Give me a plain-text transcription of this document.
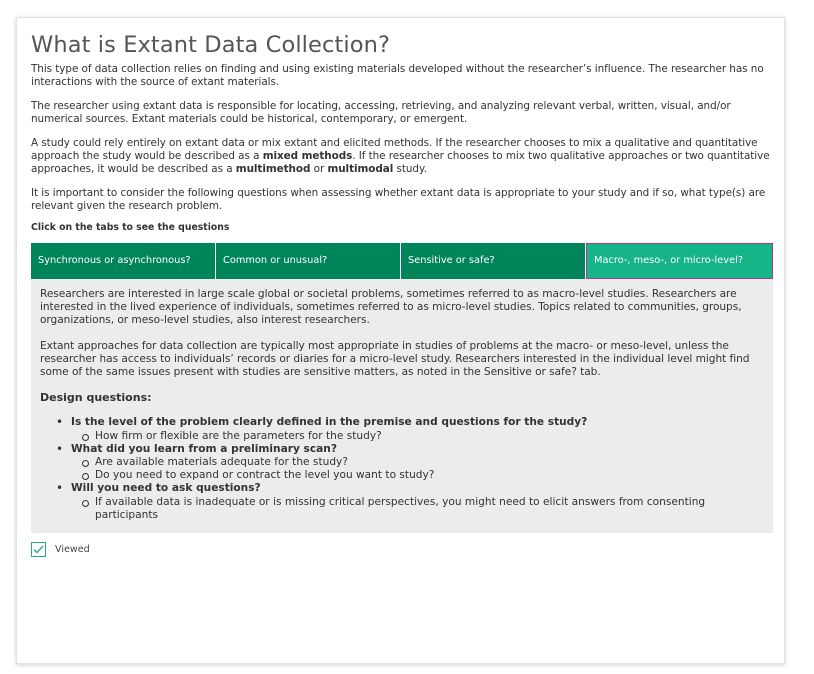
What is Extant Data Collection?

This type of data collection relies on finding and using existing materials developed without the researcher’s influence. The researcher has no interactions with the source of extant materials.

The researcher using extant data is responsible for locating, accessing, retrieving, and analyzing relevant verbal, written, visual, and/or numerical sources. Extant materials could be historical, contemporary, or emergent.

A study could rely entirely on extant data or mix extant and elicited methods. If the researcher chooses to mix a qualitative and quantitative approach the study would be described as a mixed methods. If the researcher chooses to mix two qualitative approaches or two quantitative approaches, it would be described as a multimethod or multimodal study.

It is important to consider the following questions when assessing whether extant data is appropriate to your study and if so, what type(s) are relevant given the research problem.

Click on the tabs to see the questions
Synchronous or asynchronous?	Common or unusual?	Sensitive or safe?	Macro-, meso-, or micro-level?

Researchers are interested in large scale global or societal problems, sometimes referred to as macro-level studies. Researchers are interested in the lived experience of individuals, sometimes referred to as micro-level studies. Topics related to communities, groups, organizations, or meso-level studies, also interest researchers.

Extant approaches for data collection are typically most appropriate in studies of problems at the macro- or meso-level, unless the researcher has access to individuals’ records or diaries for a micro-level study. Researchers interested in the individual level might find some of the same issues present with studies are sensitive matters, as noted in the Sensitive or safe? tab.

Design questions:
• Is the level of the problem clearly defined in the premise and questions for the study?
How firm or flexible are the parameters for the study?
• What did you learn from a preliminary scan?
Are available materials adequate for the study?
Do you need to expand or contract the level you want to study?
• Will you need to ask questions?
If available data is inadequate or is missing critical perspectives, you might need to elicit answers from consenting participants
Viewed
